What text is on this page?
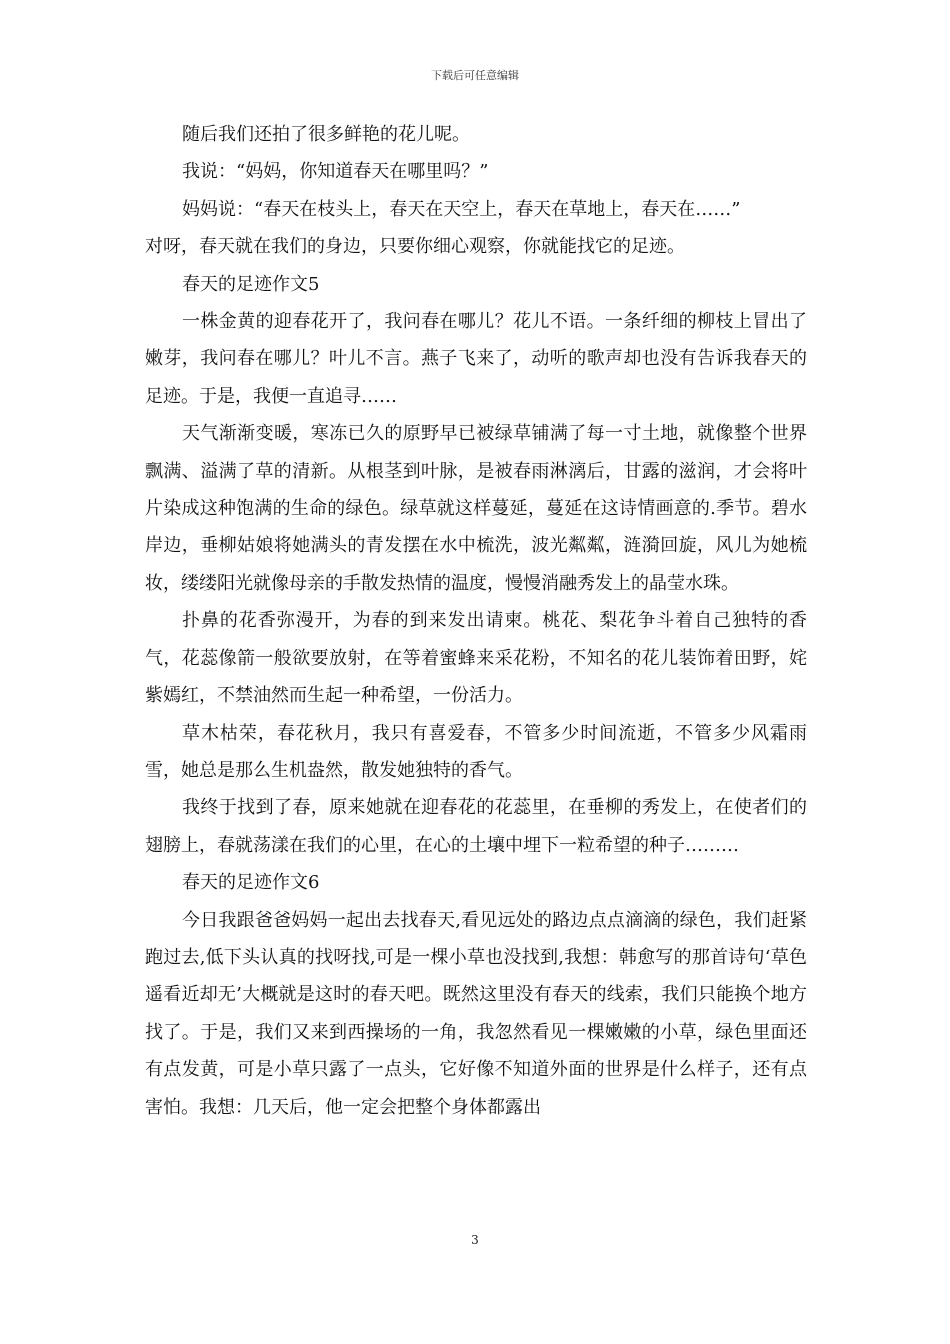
下载后可任意编辑

随后我们还拍了很多鲜艳的花儿呢。

我说：“妈妈，你知道春天在哪里吗？”

妈妈说：“春天在枝头上，春天在天空上，春天在草地上，春天在……”

对呀，春天就在我们的身边，只要你细心观察，你就能找它的足迹。

春天的足迹作文5

一株金黄的迎春花开了，我问春在哪儿？花儿不语。一条纤细的柳枝上冒出了嫩芽，我问春在哪儿？叶儿不言。燕子飞来了，动听的歌声却也没有告诉我春天的足迹。于是，我便一直追寻……

天气渐渐变暖，寒冻已久的原野早已被绿草铺满了每一寸土地，就像整个世界飘满、溢满了草的清新。从根茎到叶脉，是被春雨淋漓后，甘露的滋润，才会将叶片染成这种饱满的生命的绿色。绿草就这样蔓延，蔓延在这诗情画意的.季节。碧水岸边，垂柳姑娘将她满头的青发摆在水中梳洗，波光粼粼，涟漪回旋，风儿为她梳妆，缕缕阳光就像母亲的手散发热情的温度，慢慢消融秀发上的晶莹水珠。

扑鼻的花香弥漫开，为春的到来发出请柬。桃花、梨花争斗着自己独特的香气，花蕊像箭一般欲要放射，在等着蜜蜂来采花粉，不知名的花儿装饰着田野，姹紫嫣红，不禁油然而生起一种希望，一份活力。

草木枯荣，春花秋月，我只有喜爱春，不管多少时间流逝，不管多少风霜雨雪，她总是那么生机盎然，散发她独特的香气。

我终于找到了春，原来她就在迎春花的花蕊里，在垂柳的秀发上，在使者们的翅膀上，春就荡漾在我们的心里，在心的土壤中埋下一粒希望的种子………

春天的足迹作文6

今日我跟爸爸妈妈一起出去找春天,看见远处的路边点点滴滴的绿色，我们赶紧跑过去,低下头认真的找呀找,可是一棵小草也没找到,我想：韩愈写的那首诗句‘草色遥看近却无’大概就是这时的春天吧。既然这里没有春天的线索，我们只能换个地方找了。于是，我们又来到西操场的一角，我忽然看见一棵嫩嫩的小草，绿色里面还有点发黄，可是小草只露了一点头，它好像不知道外面的世界是什么样子，还有点害怕。我想：几天后，他一定会把整个身体都露出

3
